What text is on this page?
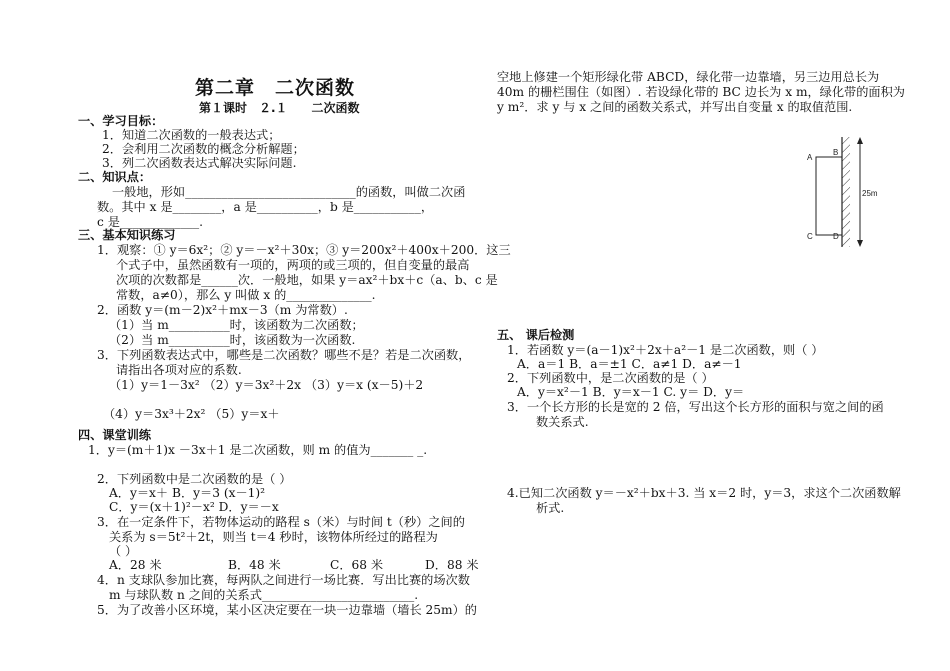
第二章　二次函数
第１课时　２.１　　二次函数
一、学习目标：
1．知道二次函数的一般表达式；
2．会利用二次函数的概念分析解题；
3．列二次函数表达式解决实际问题.
二、知识点：
一般地，形如____________________________的函数，叫做二次函
数。其中 x 是________，a 是__________，b 是___________，
c 是_____________.
三、基本知识练习
1．观察：① y＝6x²；② y＝－x²＋30x；③ y＝200x²＋400x＋200．这三
个式子中，虽然函数有一项的，两项的或三项的，但自变量的最高
次项的次数都是______次．一般地，如果 y＝ax²＋bx＋c（a、b、c 是
常数，a≠0），那么 y 叫做 x 的______________.
2．函数 y＝(m－2)x²＋mx－3（m 为常数）.
（1）当 m__________时，该函数为二次函数；
（2）当 m__________时，该函数为一次函数.
3．下列函数表达式中，哪些是二次函数？哪些不是？若是二次函数，
请指出各项对应的系数.
（1）y＝1－3x² （2）y＝3x²＋2x （3）y＝x (x－5)＋2
（4）y＝3x³＋2x² （5）y＝x＋
四、课堂训练
1．y＝(m＋1)x －3x＋1 是二次函数，则 m 的值为_______ _.
2．下列函数中是二次函数的是（ ）
A．y＝x＋ B．y＝3 (x－1)²
C．y＝(x＋1)²－x² D．y＝－x
3．在一定条件下，若物体运动的路程 s（米）与时间 t（秒）之间的
关系为 s＝5t²＋2t，则当 t＝4 秒时，该物体所经过的路程为
（ ）
A．28 米	B．48 米	C．68 米	D．88 米
4．n 支球队参加比赛，每两队之间进行一场比赛．写出比赛的场次数
m 与球队数 n 之间的关系式_________________________.
5．为了改善小区环境，某小区决定要在一块一边靠墙（墙长 25m）的
空地上修建一个矩形绿化带 ABCD，绿化带一边靠墙，另三边用总长为
40m 的栅栏围住（如图）. 若设绿化带的 BC 边长为 x m，绿化带的面积为
y m²．求 y 与 x 之间的函数关系式，并写出自变量 x 的取值范围.
A
B
C	D
25m
五、 课后检测
1．若函数 y＝(a－1)x²＋2x＋a²－1 是二次函数，则（ ）
A．a＝1 B．a＝±1 C．a≠1 D．a≠－1
2．下列函数中，是二次函数的是（ ）
A．y＝x²－1 B．y＝x－1 C. y＝ D．y＝
3．一个长方形的长是宽的 2 倍，写出这个长方形的面积与宽之间的函
数关系式.
4.已知二次函数 y＝－x²＋bx＋3. 当 x＝2 时，y＝3，求这个二次函数解
析式.
